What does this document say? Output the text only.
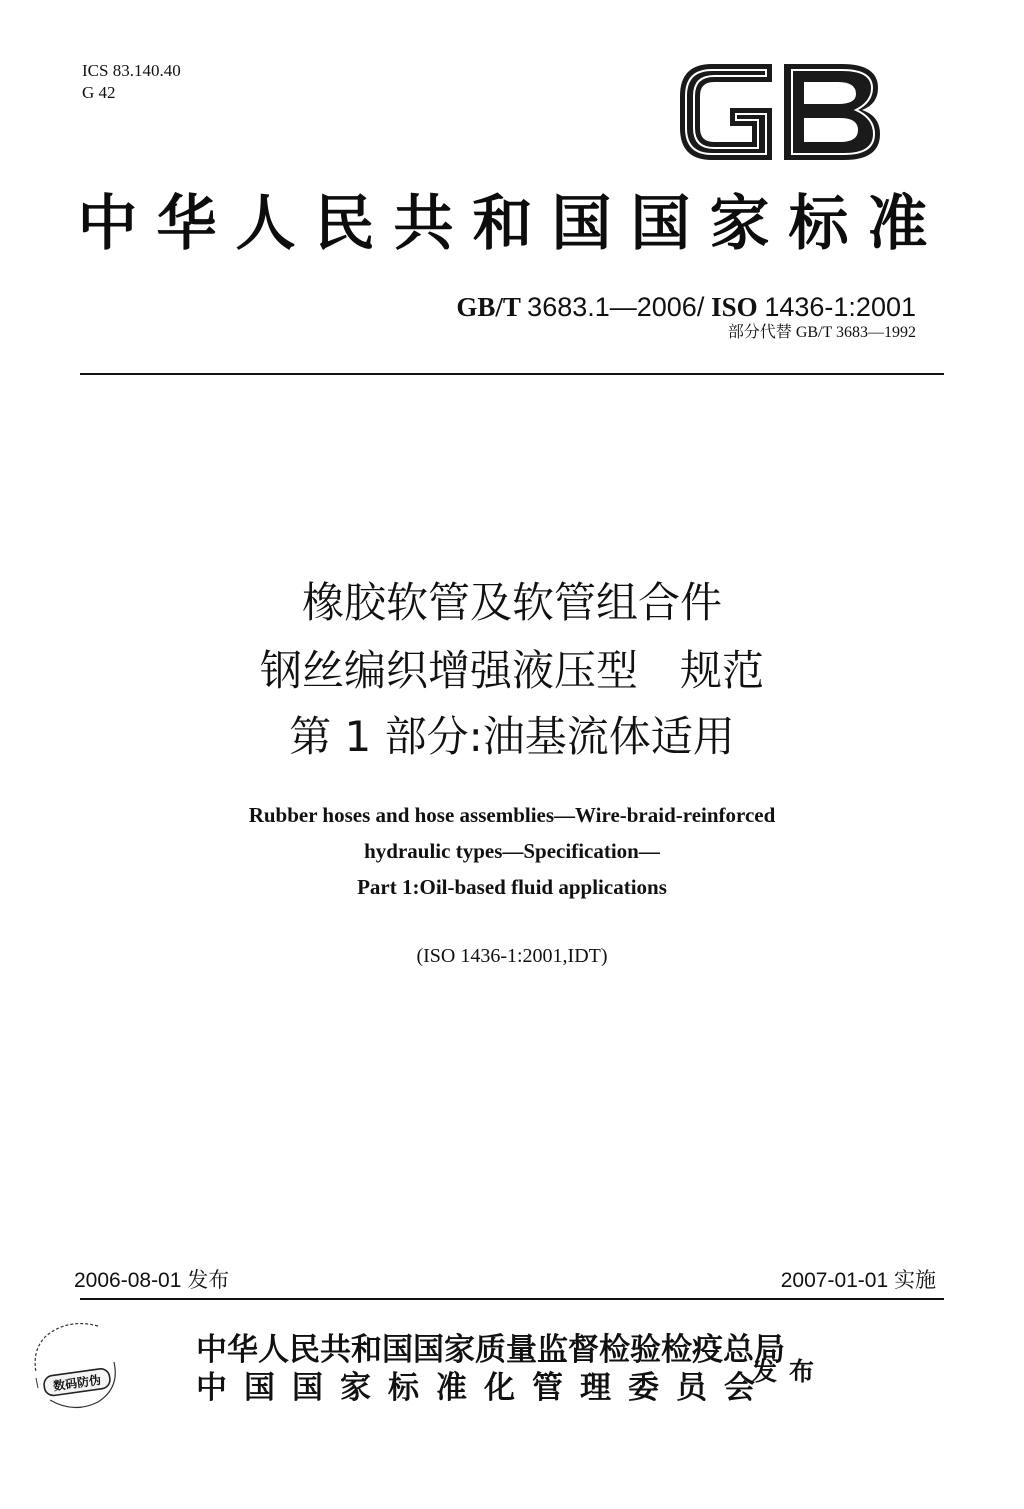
ICS 83.140.40
G 42
中华人民共和国国家标准
GB/T 3683.1—2006/ ISO 1436-1:2001
部分代替 GB/T 3683—1992
橡胶软管及软管组合件
钢丝编织增强液压型　规范
第 1 部分:油基流体适用
Rubber hoses and hose assemblies—Wire-braid-reinforced
hydraulic types—Specification—
Part 1:Oil-based fluid applications
(ISO 1436-1:2001,IDT)
2006-08-01 发布	2007-01-01 实施
数码防伪
中华人民共和国国家质量监督检验检疫总局
中国国家标准化管理委员会
发布
